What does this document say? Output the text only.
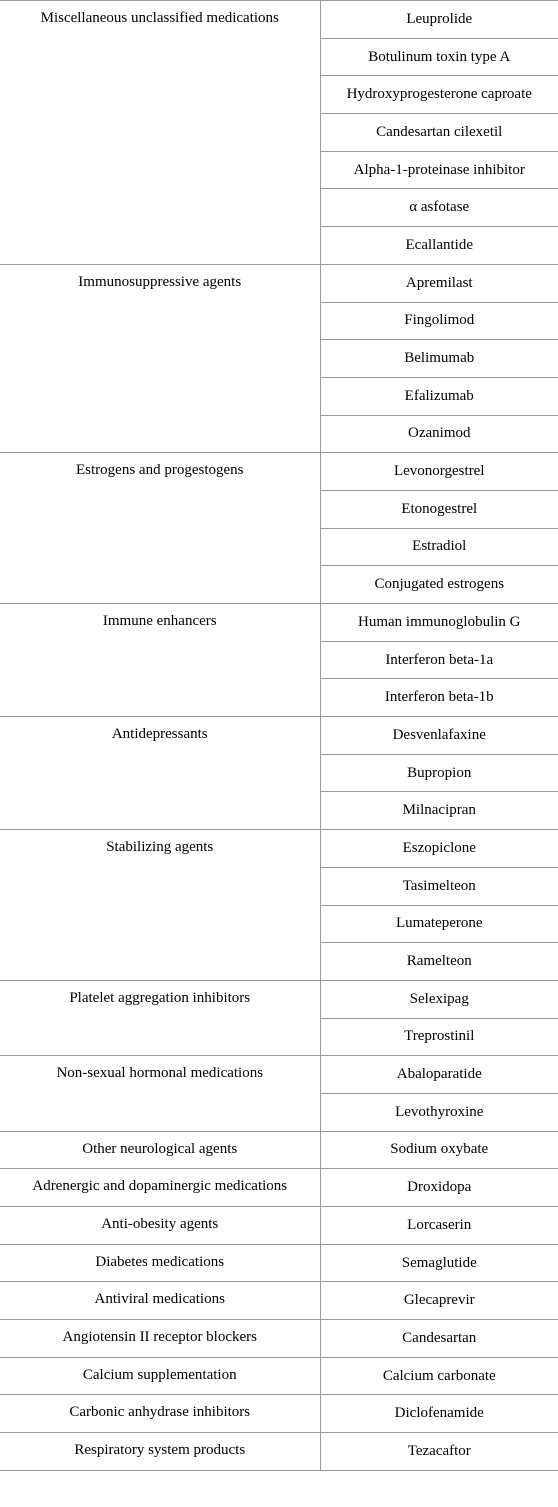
Miscellaneous unclassified medications	Leuprolide
	Botulinum toxin type A
	Hydroxyprogesterone caproate
	Candesartan cilexetil
	Alpha-1-proteinase inhibitor
	α asfotase
	Ecallantide
Immunosuppressive agents	Apremilast
	Fingolimod
	Belimumab
	Efalizumab
	Ozanimod
Estrogens and progestogens	Levonorgestrel
	Etonogestrel
	Estradiol
	Conjugated estrogens
Immune enhancers	Human immunoglobulin G
	Interferon beta-1a
	Interferon beta-1b
Antidepressants	Desvenlafaxine
	Bupropion
	Milnacipran
Stabilizing agents	Eszopiclone
	Tasimelteon
	Lumateperone
	Ramelteon
Platelet aggregation inhibitors	Selexipag
	Treprostinil
Non-sexual hormonal medications	Abaloparatide
	Levothyroxine
Other neurological agents	Sodium oxybate
Adrenergic and dopaminergic medications	Droxidopa
Anti-obesity agents	Lorcaserin
Diabetes medications	Semaglutide
Antiviral medications	Glecaprevir
Angiotensin II receptor blockers	Candesartan
Calcium supplementation	Calcium carbonate
Carbonic anhydrase inhibitors	Diclofenamide
Respiratory system products	Tezacaftor
